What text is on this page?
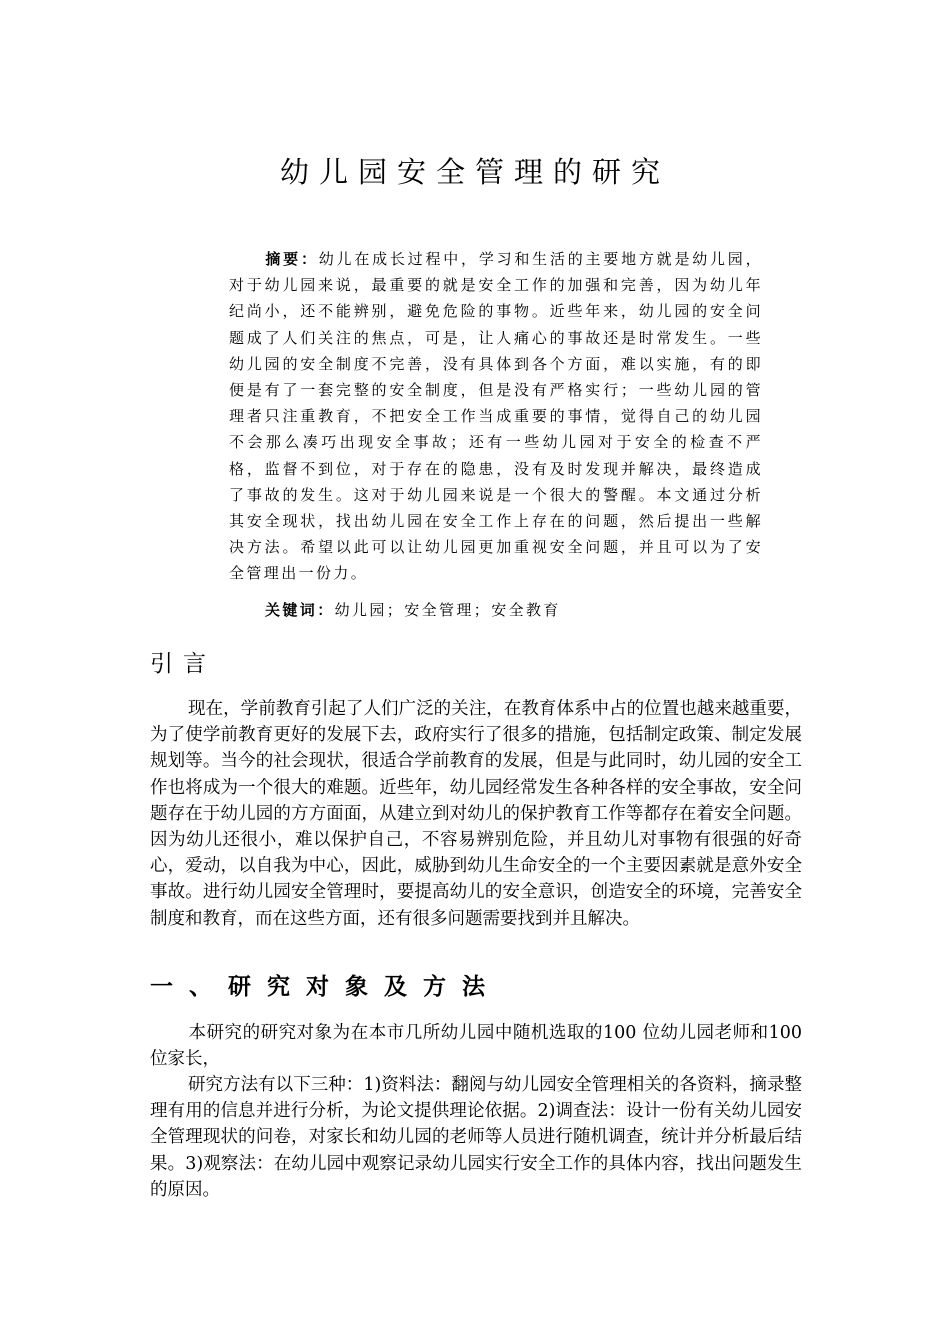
幼儿园安全管理的研究

摘要：幼儿在成长过程中，学习和生活的主要地方就是幼儿园，对于幼儿园来说，最重要的就是安全工作的加强和完善，因为幼儿年纪尚小，还不能辨别，避免危险的事物。近些年来，幼儿园的安全问题成了人们关注的焦点，可是，让人痛心的事故还是时常发生。一些幼儿园的安全制度不完善，没有具体到各个方面，难以实施，有的即便是有了一套完整的安全制度，但是没有严格实行；一些幼儿园的管理者只注重教育，不把安全工作当成重要的事情，觉得自己的幼儿园不会那么凑巧出现安全事故；还有一些幼儿园对于安全的检查不严格，监督不到位，对于存在的隐患，没有及时发现并解决，最终造成了事故的发生。这对于幼儿园来说是一个很大的警醒。本文通过分析其安全现状，找出幼儿园在安全工作上存在的问题，然后提出一些解决方法。希望以此可以让幼儿园更加重视安全问题，并且可以为了安全管理出一份力。

关键词：幼儿园；安全管理；安全教育

引言

现在，学前教育引起了人们广泛的关注，在教育体系中占的位置也越来越重要，为了使学前教育更好的发展下去，政府实行了很多的措施，包括制定政策、制定发展规划等。当今的社会现状，很适合学前教育的发展，但是与此同时，幼儿园的安全工作也将成为一个很大的难题。近些年，幼儿园经常发生各种各样的安全事故，安全问题存在于幼儿园的方方面面，从建立到对幼儿的保护教育工作等都存在着安全问题。因为幼儿还很小，难以保护自己，不容易辨别危险，并且幼儿对事物有很强的好奇心，爱动，以自我为中心，因此，威胁到幼儿生命安全的一个主要因素就是意外安全事故。进行幼儿园安全管理时，要提高幼儿的安全意识，创造安全的环境，完善安全制度和教育，而在这些方面，还有很多问题需要找到并且解决。

一、研究对象及方法

本研究的研究对象为在本市几所幼儿园中随机选取的100 位幼儿园老师和100 位家长，

研究方法有以下三种：1)资料法：翻阅与幼儿园安全管理相关的各资料，摘录整理有用的信息并进行分析，为论文提供理论依据。2)调查法：设计一份有关幼儿园安全管理现状的问卷，对家长和幼儿园的老师等人员进行随机调查，统计并分析最后结果。3)观察法：在幼儿园中观察记录幼儿园实行安全工作的具体内容，找出问题发生的原因。
